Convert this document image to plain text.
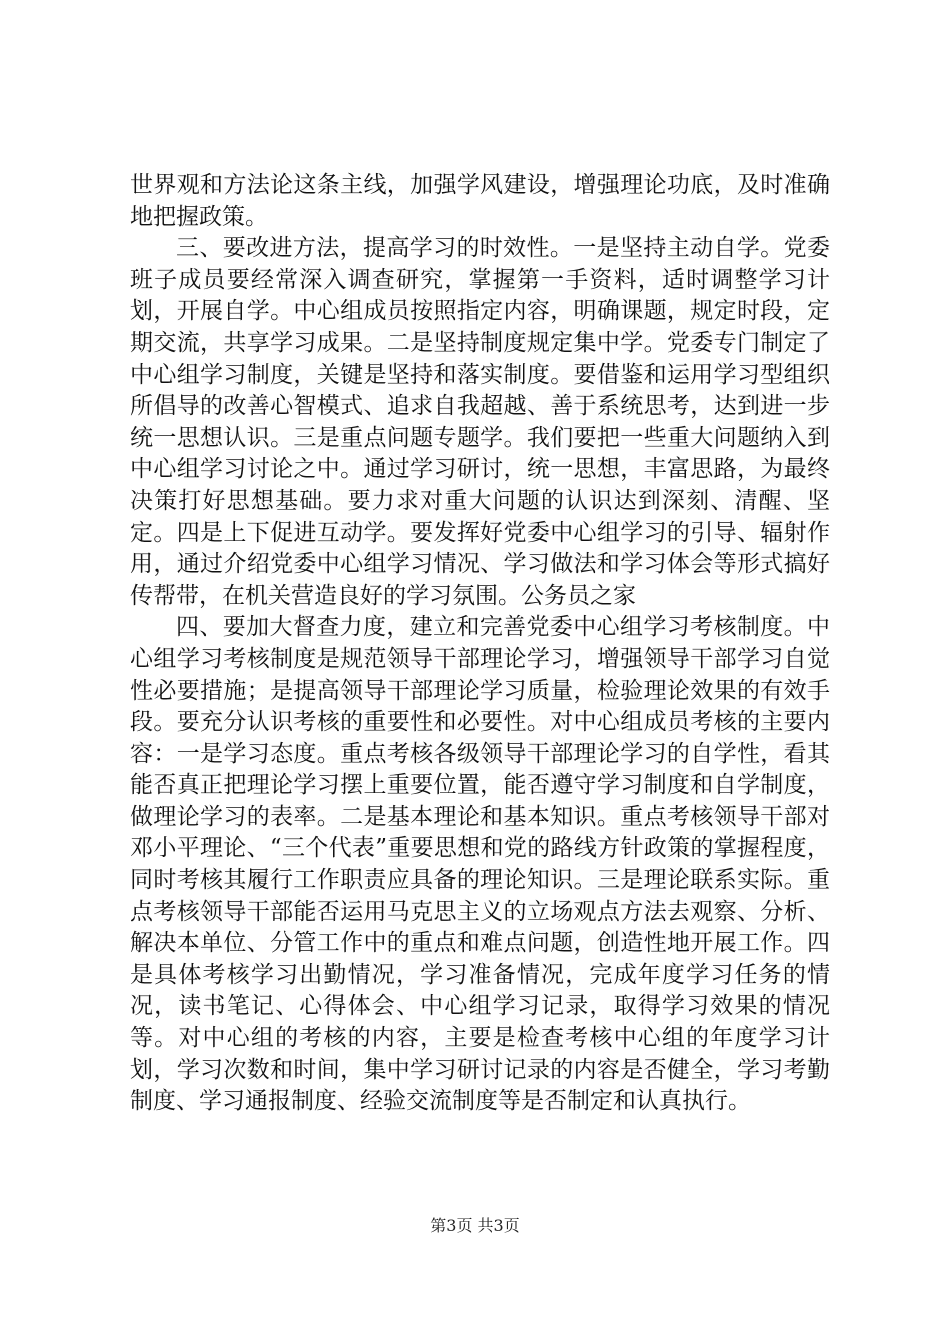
世界观和方法论这条主线，加强学风建设，增强理论功底，及时准确地把握政策。

三、要改进方法，提高学习的时效性。一是坚持主动自学。党委班子成员要经常深入调查研究，掌握第一手资料，适时调整学习计划，开展自学。中心组成员按照指定内容，明确课题，规定时段，定期交流，共享学习成果。二是坚持制度规定集中学。党委专门制定了中心组学习制度，关键是坚持和落实制度。要借鉴和运用学习型组织所倡导的改善心智模式、追求自我超越、善于系统思考，达到进一步统一思想认识。三是重点问题专题学。我们要把一些重大问题纳入到中心组学习讨论之中。通过学习研讨，统一思想，丰富思路，为最终决策打好思想基础。要力求对重大问题的认识达到深刻、清醒、坚定。四是上下促进互动学。要发挥好党委中心组学习的引导、辐射作用，通过介绍党委中心组学习情况、学习做法和学习体会等形式搞好传帮带，在机关营造良好的学习氛围。公务员之家

四、要加大督查力度，建立和完善党委中心组学习考核制度。中心组学习考核制度是规范领导干部理论学习，增强领导干部学习自觉性必要措施；是提高领导干部理论学习质量，检验理论效果的有效手段。要充分认识考核的重要性和必要性。对中心组成员考核的主要内容：一是学习态度。重点考核各级领导干部理论学习的自学性，看其能否真正把理论学习摆上重要位置，能否遵守学习制度和自学制度，做理论学习的表率。二是基本理论和基本知识。重点考核领导干部对邓小平理论、“三个代表”重要思想和党的路线方针政策的掌握程度，同时考核其履行工作职责应具备的理论知识。三是理论联系实际。重点考核领导干部能否运用马克思主义的立场观点方法去观察、分析、解决本单位、分管工作中的重点和难点问题，创造性地开展工作。四是具体考核学习出勤情况，学习准备情况，完成年度学习任务的情况，读书笔记、心得体会、中心组学习记录，取得学习效果的情况等。对中心组的考核的内容，主要是检查考核中心组的年度学习计划，学习次数和时间，集中学习研讨记录的内容是否健全，学习考勤制度、学习通报制度、经验交流制度等是否制定和认真执行。

第3页 共3页
